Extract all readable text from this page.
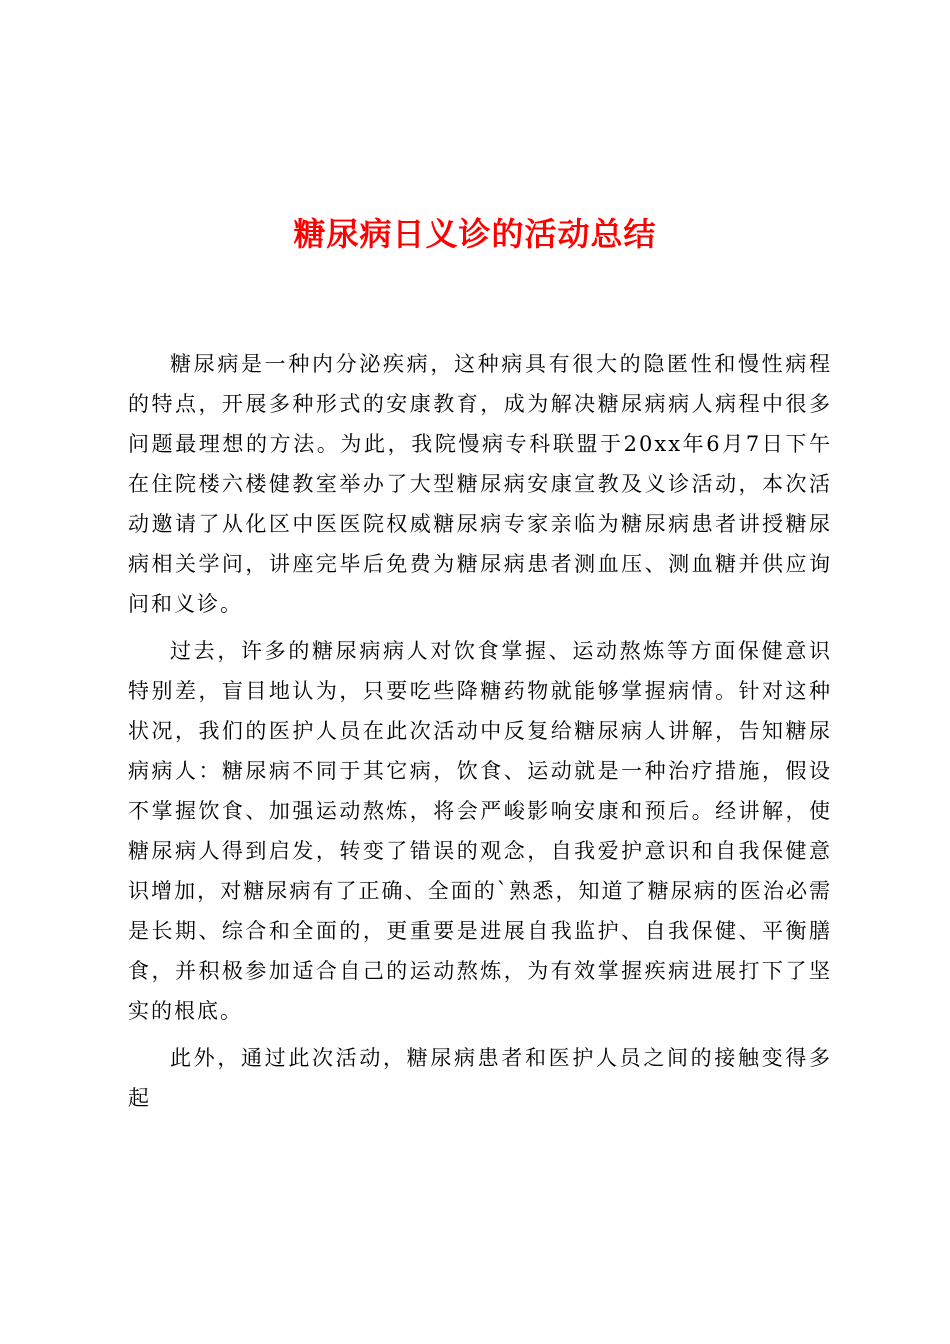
糖尿病日义诊的活动总结

糖尿病是一种内分泌疾病，这种病具有很大的隐匿性和慢性病程的特点，开展多种形式的安康教育，成为解决糖尿病病人病程中很多问题最理想的方法。为此，我院慢病专科联盟于20xx年6月7日下午在住院楼六楼健教室举办了大型糖尿病安康宣教及义诊活动，本次活动邀请了从化区中医医院权威糖尿病专家亲临为糖尿病患者讲授糖尿病相关学问，讲座完毕后免费为糖尿病患者测血压、测血糖并供应询问和义诊。

过去，许多的糖尿病病人对饮食掌握、运动熬炼等方面保健意识特别差，盲目地认为，只要吃些降糖药物就能够掌握病情。针对这种状况，我们的医护人员在此次活动中反复给糖尿病人讲解，告知糖尿病病人：糖尿病不同于其它病，饮食、运动就是一种治疗措施，假设不掌握饮食、加强运动熬炼，将会严峻影响安康和预后。经讲解，使糖尿病人得到启发，转变了错误的观念，自我爱护意识和自我保健意识增加，对糖尿病有了正确、全面的`熟悉，知道了糖尿病的医治必需是长期、综合和全面的，更重要是进展自我监护、自我保健、平衡膳食，并积极参加适合自己的运动熬炼，为有效掌握疾病进展打下了坚实的根底。

此外，通过此次活动，糖尿病患者和医护人员之间的接触变得多起
